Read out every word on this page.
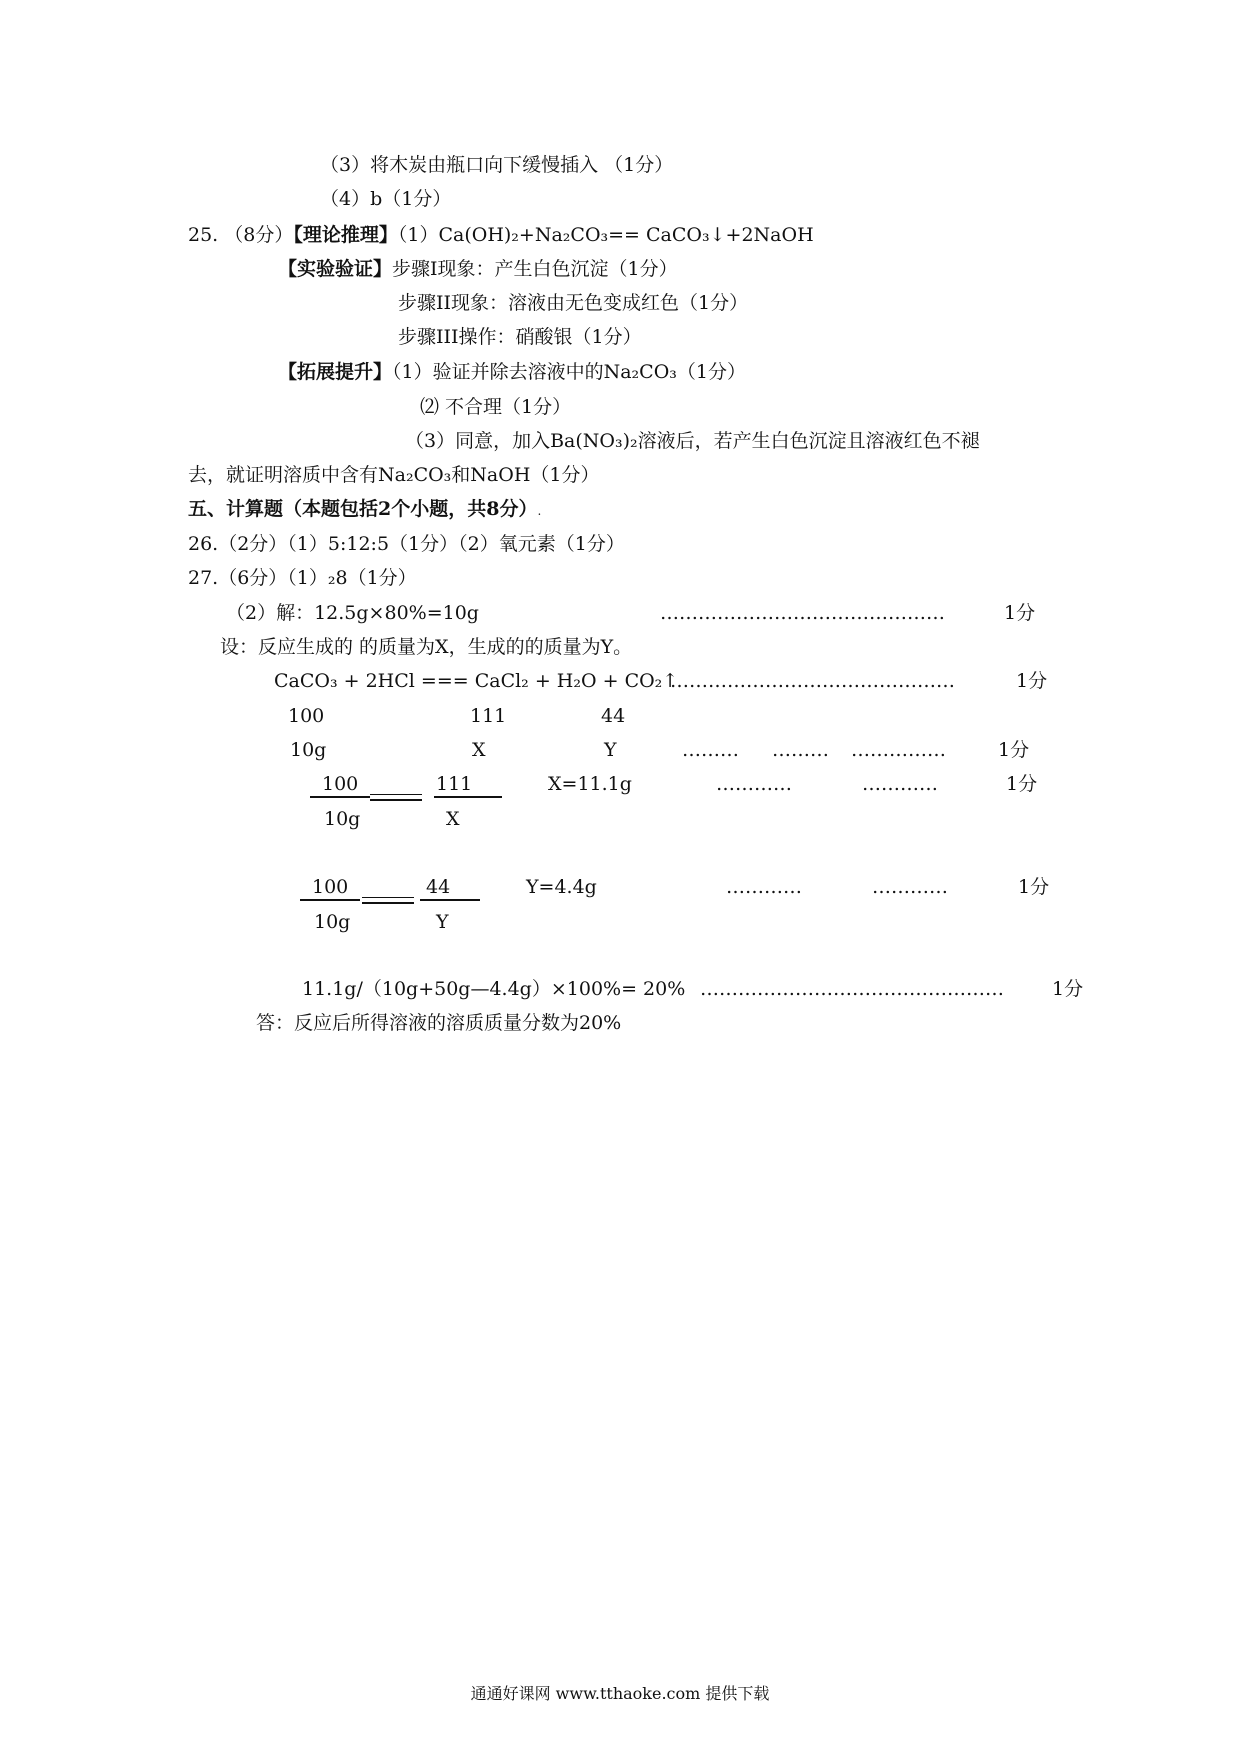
（3）将木炭由瓶口向下缓慢插入 （1分）
（4）b（1分）
25. （8分）【理论推理】（1）Ca(OH)₂+Na₂CO₃== CaCO₃↓+2NaOH
【实验验证】步骤Ⅰ现象：产生白色沉淀（1分）
步骤II现象：溶液由无色变成红色（1分）
步骤III操作：硝酸银（1分）
【拓展提升】（1）验证并除去溶液中的Na₂CO₃（1分）
⑵ 不合理（1分）
（3）同意，加入Ba(NO₃)₂溶液后，若产生白色沉淀且溶液红色不褪
去，就证明溶质中含有Na₂CO₃和NaOH（1分）
五、计算题（本题包括2个小题，共8分）.
26.（2分）（1）5:12:5（1分）（2）氧元素（1分）
27.（6分）（1）₂8（1分）
（2）解：12.5g×80%=10g	………………………………………	1分
设：反应生成的 的质量为X，生成的的质量为Y。
CaCO₃ + 2HCl === CaCl₂ + H₂O + CO₂↑
………………………………………	1分
100	111	44
10g	X	Y	……… ……… ……………	1分
100	111	X=11.1g	…………	…………	1分
10g	X
100	44	Y=4.4g	…………	…………	1分
10g	Y
11.1g/（10g+50g—4.4g）×100%= 20% …………………………………………	1分
答：反应后所得溶液的溶质质量分数为20%
通通好课网 www.tthaoke.com 提供下载
